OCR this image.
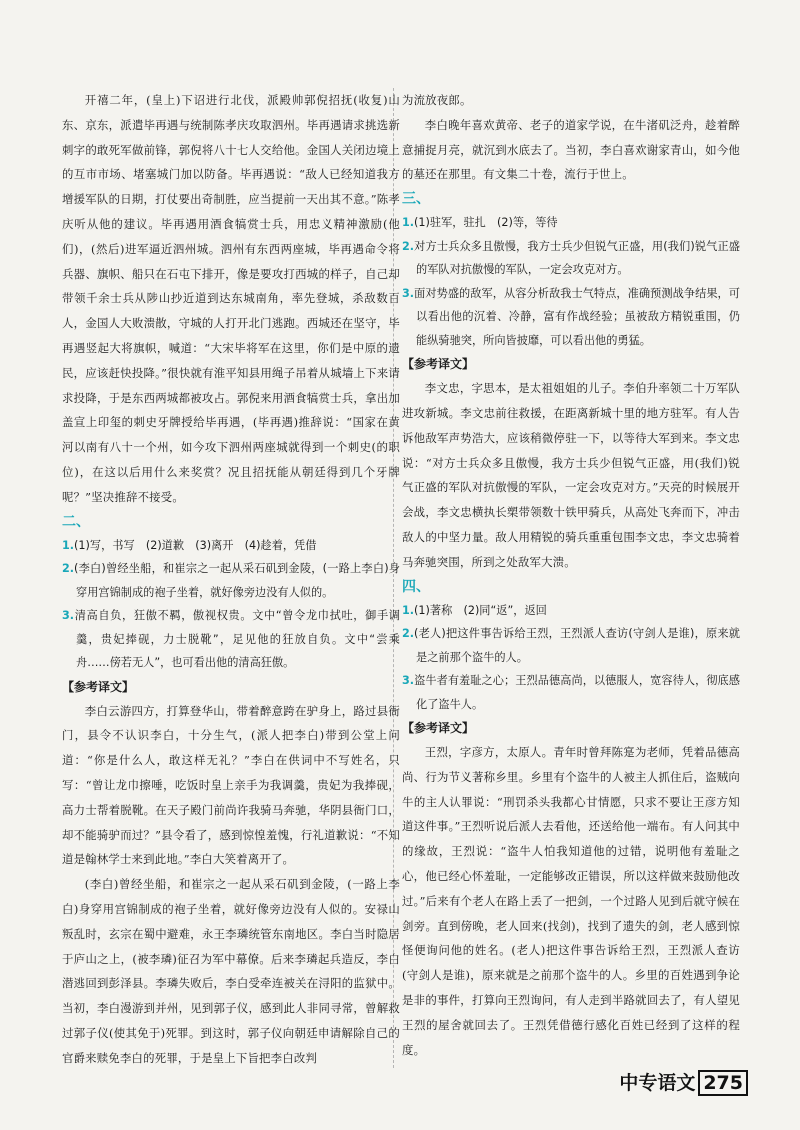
开禧二年，(皇上)下诏进行北伐，派殿帅郭倪招抚(收复)山东、京东，派遣毕再遇与统制陈孝庆攻取泗州。毕再遇请求挑选新刺字的敢死军做前锋，郭倪将八十七人交给他。金国人关闭边境上的互市市场、堵塞城门加以防备。毕再遇说：“敌人已经知道我方增援军队的日期，打仗要出奇制胜，应当提前一天出其不意。”陈孝庆听从他的建议。毕再遇用酒食犒赏士兵，用忠义精神激励(他们)，(然后)进军逼近泗州城。泗州有东西两座城，毕再遇命令将兵器、旗帜、船只在石屯下排开，像是要攻打西城的样子，自己却带领千余士兵从陟山抄近道到达东城南角，率先登城，杀敌数百人，金国人大败溃散，守城的人打开北门逃跑。西城还在坚守，毕再遇竖起大将旗帜，喊道：“大宋毕将军在这里，你们是中原的遗民，应该赶快投降。”很快就有淮平知县用绳子吊着从城墙上下来请求投降，于是东西两城都被攻占。郭倪来用酒食犒赏士兵，拿出加盖宣上印玺的刺史牙牌授给毕再遇，(毕再遇)推辞说：“国家在黄河以南有八十一个州，如今攻下泗州两座城就得到一个刺史(的职位)，在这以后用什么来奖赏？况且招抚能从朝廷得到几个牙牌呢？”坚决推辞不接受。

二、

1.(1)写，书写　(2)道歉　(3)离开　(4)趁着，凭借

2.(李白)曾经坐船，和崔宗之一起从采石矶到金陵，(一路上李白)身穿用宫锦制成的袍子坐着，就好像旁边没有人似的。

3.清高自负，狂傲不羁，傲视权贵。文中“曾令龙巾拭吐，御手调羹，贵妃捧砚，力士脱靴”，足见他的狂放自负。文中“尝乘舟……傍若无人”，也可看出他的清高狂傲。

【参考译文】

李白云游四方，打算登华山，带着醉意跨在驴身上，路过县衙门，县令不认识李白，十分生气，(派人把李白)带到公堂上问道：“你是什么人，敢这样无礼？”李白在供词中不写姓名，只写：“曾让龙巾擦唾，吃饭时皇上亲手为我调羹，贵妃为我捧砚，高力士帮着脱靴。在天子殿门前尚许我骑马奔驰，华阴县衙门口，却不能骑驴而过？”县令看了，感到惊惶羞愧，行礼道歉说：“不知道是翰林学士来到此地。”李白大笑着离开了。

(李白)曾经坐船，和崔宗之一起从采石矶到金陵，(一路上李白)身穿用宫锦制成的袍子坐着，就好像旁边没有人似的。安禄山叛乱时，玄宗在蜀中避难，永王李璘统管东南地区。李白当时隐居于庐山之上，(被李璘)征召为军中幕僚。后来李璘起兵造反，李白潜逃回到彭泽县。李璘失败后，李白受牵连被关在浔阳的监狱中。当初，李白漫游到并州，见到郭子仪，感到此人非同寻常，曾解救过郭子仪(使其免于)死罪。到这时，郭子仪向朝廷申请解除自己的官爵来赎免李白的死罪，于是皇上下旨把李白改判

为流放夜郎。

李白晚年喜欢黄帝、老子的道家学说，在牛渚矶泛舟，趁着醉意捕捉月亮，就沉到水底去了。当初，李白喜欢谢家青山，如今他的墓还在那里。有文集二十卷，流行于世上。

三、

1.(1)驻军，驻扎　(2)等，等待

2.对方士兵众多且傲慢，我方士兵少但锐气正盛，用(我们)锐气正盛的军队对抗傲慢的军队，一定会攻克对方。

3.面对势盛的敌军，从容分析敌我士气特点，准确预测战争结果，可以看出他的沉着、冷静，富有作战经验；虽被敌方精锐重围，仍能纵骑驰突，所向皆披靡，可以看出他的勇猛。

【参考译文】

李文忠，字思本，是太祖姐姐的儿子。李伯升率领二十万军队进攻新城。李文忠前往救援，在距离新城十里的地方驻军。有人告诉他敌军声势浩大，应该稍微停驻一下，以等待大军到来。李文忠说：“对方士兵众多且傲慢，我方士兵少但锐气正盛，用(我们)锐气正盛的军队对抗傲慢的军队，一定会攻克对方。”天亮的时候展开会战，李文忠横执长槊带领数十铁甲骑兵，从高处飞奔而下，冲击敌人的中坚力量。敌人用精锐的骑兵重重包围李文忠，李文忠骑着马奔驰突围，所到之处敌军大溃。

四、

1.(1)著称　(2)同“返”，返回

2.(老人)把这件事告诉给王烈，王烈派人查访(守剑人是谁)，原来就是之前那个盗牛的人。

3.盗牛者有羞耻之心；王烈品德高尚，以德服人，宽容待人，彻底感化了盗牛人。

【参考译文】

王烈，字彦方，太原人。青年时曾拜陈寔为老师，凭着品德高尚、行为节义著称乡里。乡里有个盗牛的人被主人抓住后，盗贼向牛的主人认罪说：“刑罚杀头我都心甘情愿，只求不要让王彦方知道这件事。”王烈听说后派人去看他，还送给他一端布。有人问其中的缘故，王烈说：“盗牛人怕我知道他的过错，说明他有羞耻之心，他已经心怀羞耻，一定能够改正错误，所以这样做来鼓励他改过。”后来有个老人在路上丢了一把剑，一个过路人见到后就守候在剑旁。直到傍晚，老人回来(找剑)，找到了遗失的剑，老人感到惊怪便询问他的姓名。(老人)把这件事告诉给王烈，王烈派人查访(守剑人是谁)，原来就是之前那个盗牛的人。乡里的百姓遇到争论是非的事件，打算向王烈询问，有人走到半路就回去了，有人望见王烈的屋舍就回去了。王烈凭借德行感化百姓已经到了这样的程度。

中专语文 275
